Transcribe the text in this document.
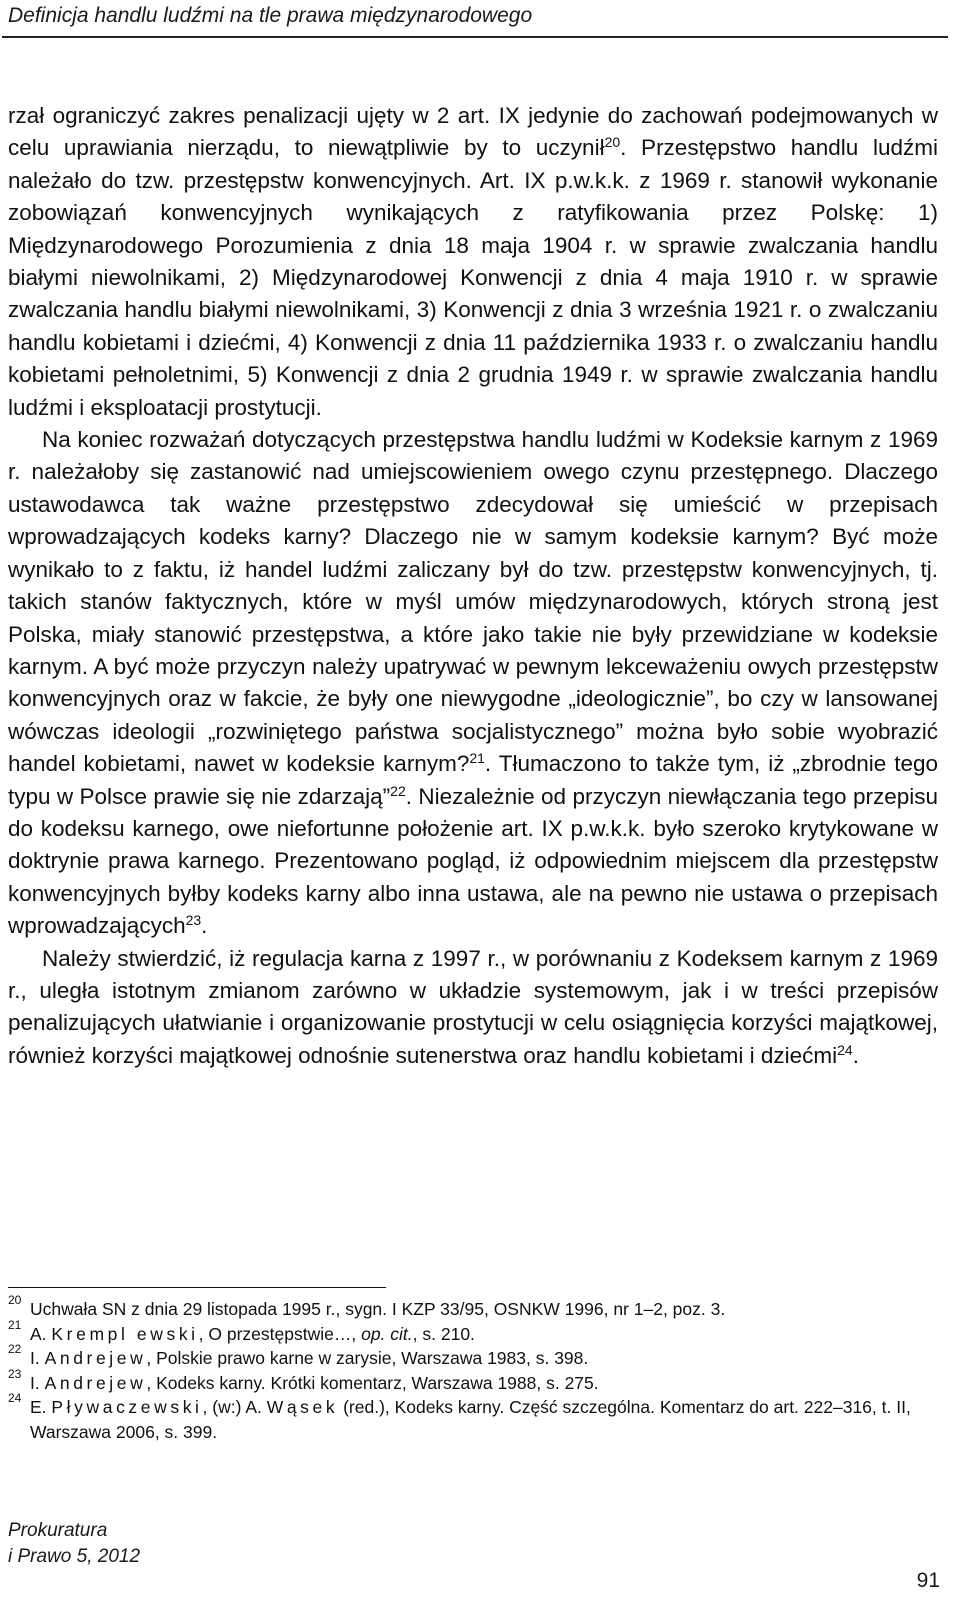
Definicja handlu ludźmi na tle prawa międzynarodowego

rzał ograniczyć zakres penalizacji ujęty w 2 art. IX jedynie do zachowań podejmowanych w celu uprawiania nierządu, to niewątpliwie by to uczynił$^{20}$. Przestępstwo handlu ludźmi należało do tzw. przestępstw konwencyjnych. Art. IX p.w.k.k. z 1969 r. stanowił wykonanie zobowiązań konwencyjnych wynikających z ratyfikowania przez Polskę: 1) Międzynarodowego Porozumienia z dnia 18 maja 1904 r. w sprawie zwalczania handlu białymi niewolnikami, 2) Międzynarodowej Konwencji z dnia 4 maja 1910 r. w sprawie zwalczania handlu białymi niewolnikami, 3) Konwencji z dnia 3 września 1921 r. o zwalczaniu handlu kobietami i dziećmi, 4) Konwencji z dnia 11 października 1933 r. o zwalczaniu handlu kobietami pełnoletnimi, 5) Konwencji z dnia 2 grudnia 1949 r. w sprawie zwalczania handlu ludźmi i eksploatacji prostytucji.

Na koniec rozważań dotyczących przestępstwa handlu ludźmi w Kodeksie karnym z 1969 r. należałoby się zastanowić nad umiejscowieniem owego czynu przestępnego. Dlaczego ustawodawca tak ważne przestępstwo zdecydował się umieścić w przepisach wprowadzających kodeks karny? Dlaczego nie w samym kodeksie karnym? Być może wynikało to z faktu, iż handel ludźmi zaliczany był do tzw. przestępstw konwencyjnych, tj. takich stanów faktycznych, które w myśl umów międzynarodowych, których stroną jest Polska, miały stanowić przestępstwa, a które jako takie nie były przewidziane w kodeksie karnym. A być może przyczyn należy upatrywać w pewnym lekceważeniu owych przestępstw konwencyjnych oraz w fakcie, że były one niewygodne „ideologicznie”, bo czy w lansowanej wówczas ideologii „rozwiniętego państwa socjalistycznego” można było sobie wyobrazić handel kobietami, nawet w kodeksie karnym?$^{21}$. Tłumaczono to także tym, iż „zbrodnie tego typu w Polsce prawie się nie zdarzają”$^{22}$. Niezależnie od przyczyn niewłączania tego przepisu do kodeksu karnego, owe niefortunne położenie art. IX p.w.k.k. było szeroko krytykowane w doktrynie prawa karnego. Prezentowano pogląd, iż odpowiednim miejscem dla przestępstw konwencyjnych byłby kodeks karny albo inna ustawa, ale na pewno nie ustawa o przepisach wprowadzających$^{23}$.

Należy stwierdzić, iż regulacja karna z 1997 r., w porównaniu z Kodeksem karnym z 1969 r., uległa istotnym zmianom zarówno w układzie systemowym, jak i w treści przepisów penalizujących ułatwianie i organizowanie prostytucji w celu osiągnięcia korzyści majątkowej, również korzyści majątkowej odnośnie sutenerstwa oraz handlu kobietami i dziećmi$^{24}$.

20 Uchwała SN z dnia 29 listopada 1995 r., sygn. I KZP 33/95, OSNKW 1996, nr 1–2, poz. 3.
21 A. Krempl ewski, O przestępstwie…, op. cit., s. 210.
22 I. Andrejew, Polskie prawo karne w zarysie, Warszawa 1983, s. 398.
23 I. Andrejew, Kodeks karny. Krótki komentarz, Warszawa 1988, s. 275.
24 E. Pływaczewski, (w:) A. Wąsek (red.), Kodeks karny. Część szczególna. Komentarz do art. 222–316, t. II, Warszawa 2006, s. 399.
Prokuratura
i Prawo 5, 2012
91
